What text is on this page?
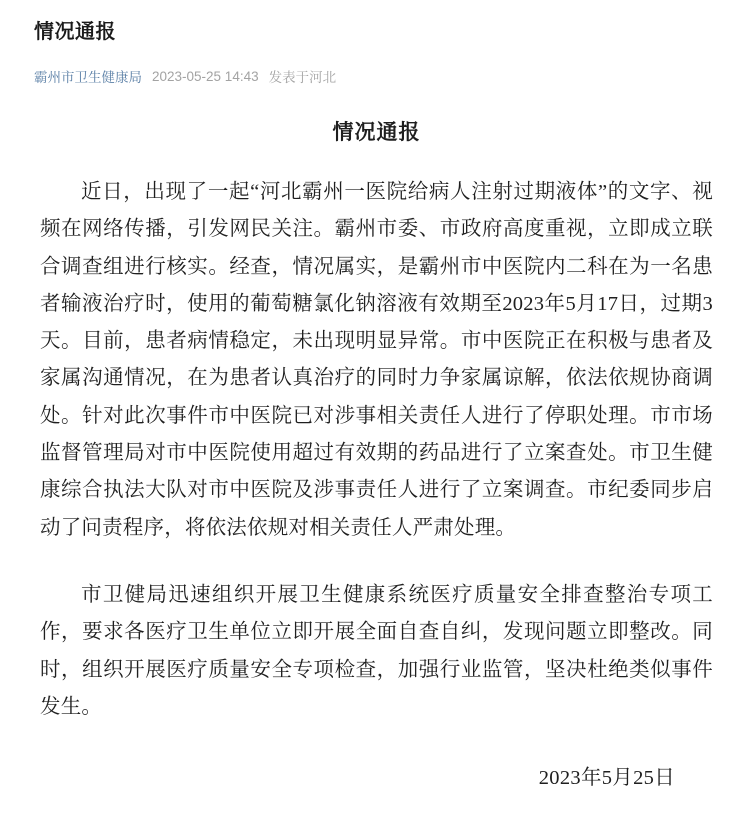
情况通报
霸州市卫生健康局 2023-05-25 14:43 发表于河北
情况通报

近日，出现了一起“河北霸州一医院给病人注射过期液体”的文字、视频在网络传播，引发网民关注。霸州市委、市政府高度重视，立即成立联合调查组进行核实。经查，情况属实，是霸州市中医院内二科在为一名患者输液治疗时，使用的葡萄糖氯化钠溶液有效期至2023年5月17日，过期3天。目前，患者病情稳定，未出现明显异常。市中医院正在积极与患者及家属沟通情况，在为患者认真治疗的同时力争家属谅解，依法依规协商调处。针对此次事件市中医院已对涉事相关责任人进行了停职处理。市市场监督管理局对市中医院使用超过有效期的药品进行了立案查处。市卫生健康综合执法大队对市中医院及涉事责任人进行了立案调查。市纪委同步启动了问责程序，将依法依规对相关责任人严肃处理。

市卫健局迅速组织开展卫生健康系统医疗质量安全排查整治专项工作，要求各医疗卫生单位立即开展全面自查自纠，发现问题立即整改。同时，组织开展医疗质量安全专项检查，加强行业监管，坚决杜绝类似事件发生。

2023年5月25日
